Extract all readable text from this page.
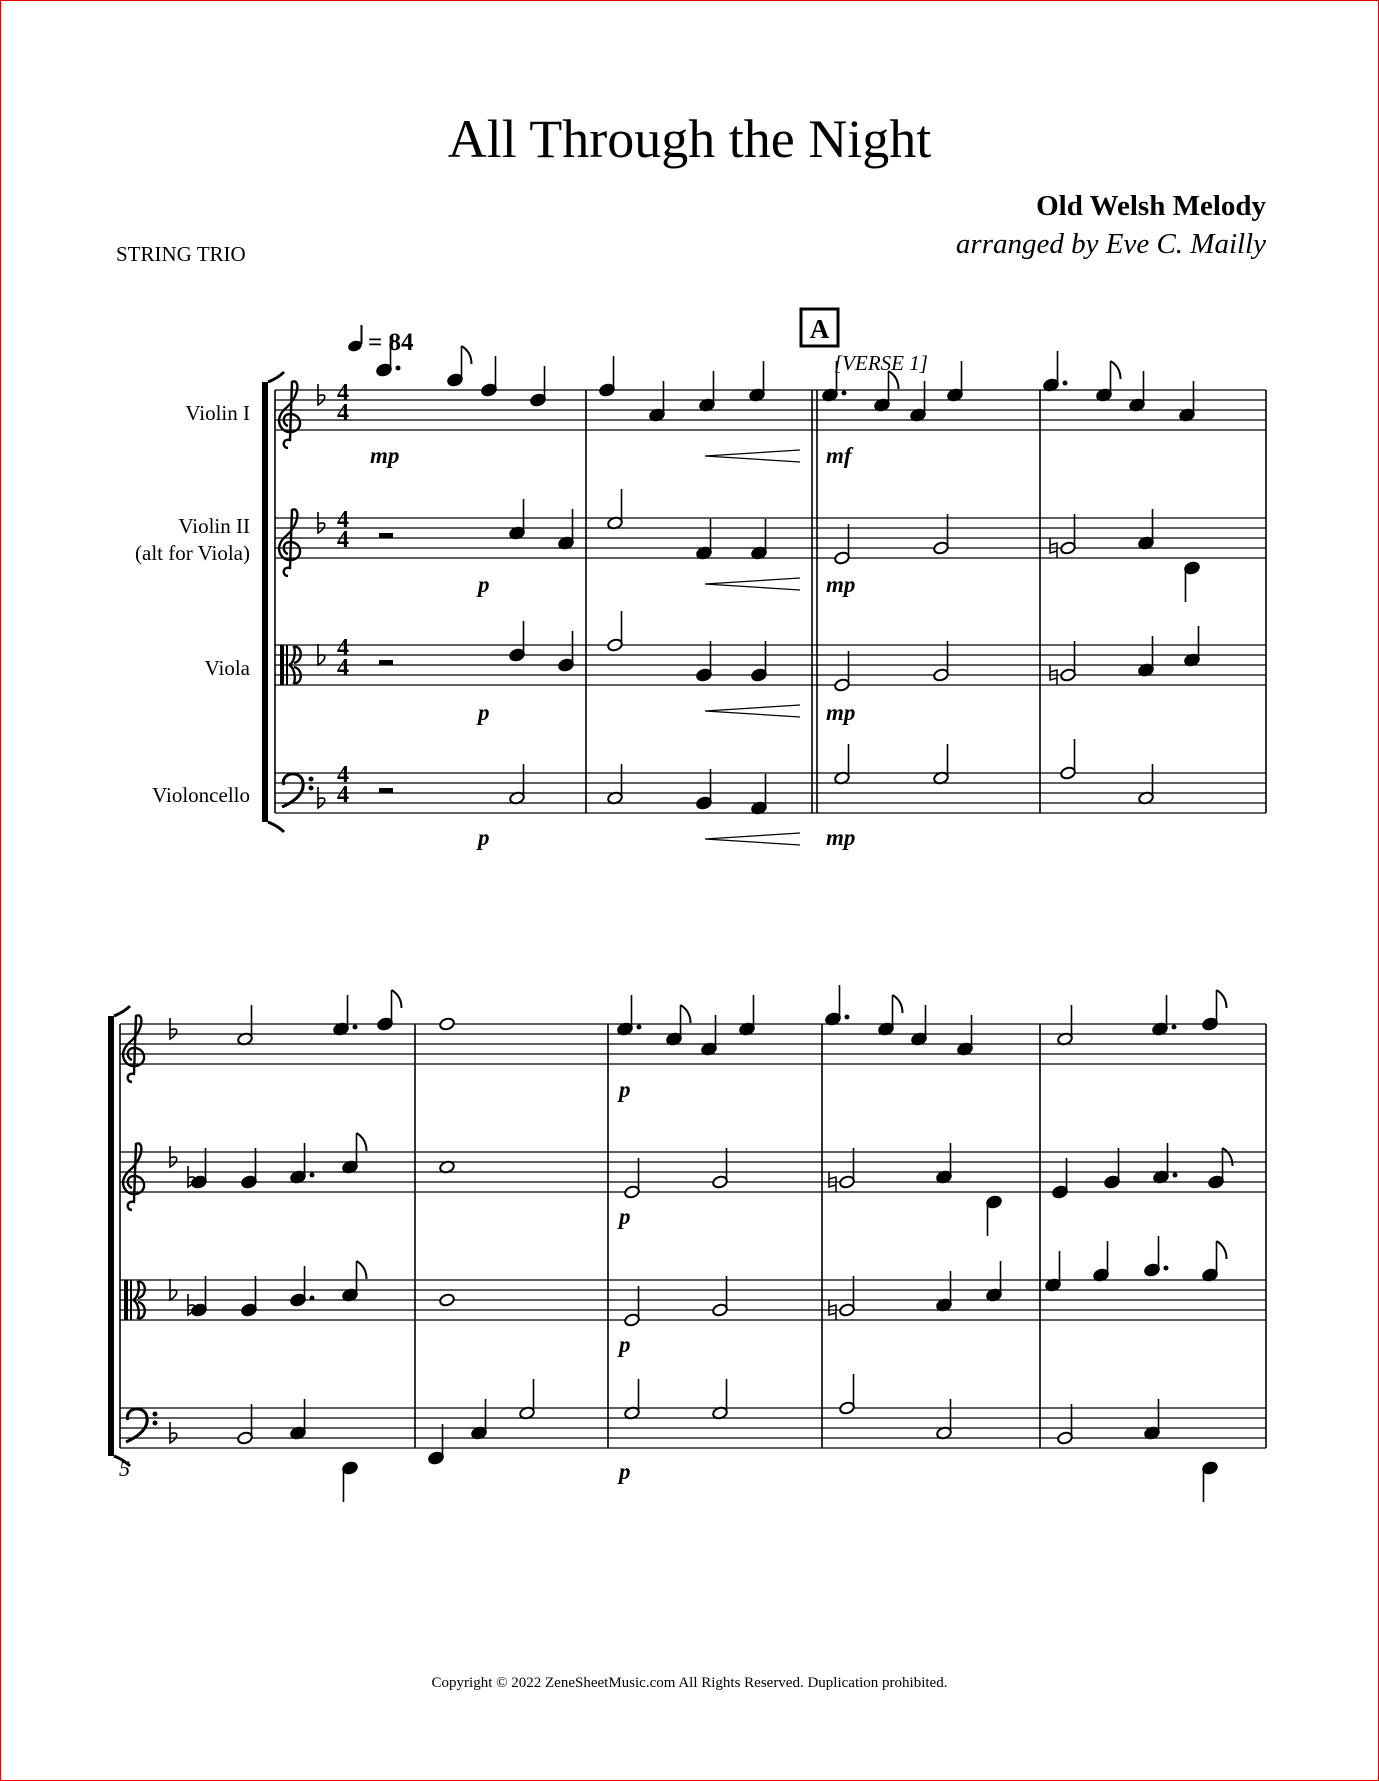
All Through the Night
Old Welsh Melody
arranged by Eve C. Mailly
STRING TRIO
Violin I
Violin II
(alt for Viola)
Viola
Violoncello
= 84	A
[VERSE 1]
4
4
4
4
4
4
4
4
mp	mf
p	mp
p	mp
p	mp
p
p
p
p
5
Copyright © 2022 ZeneSheetMusic.com All Rights Reserved. Duplication prohibited.
